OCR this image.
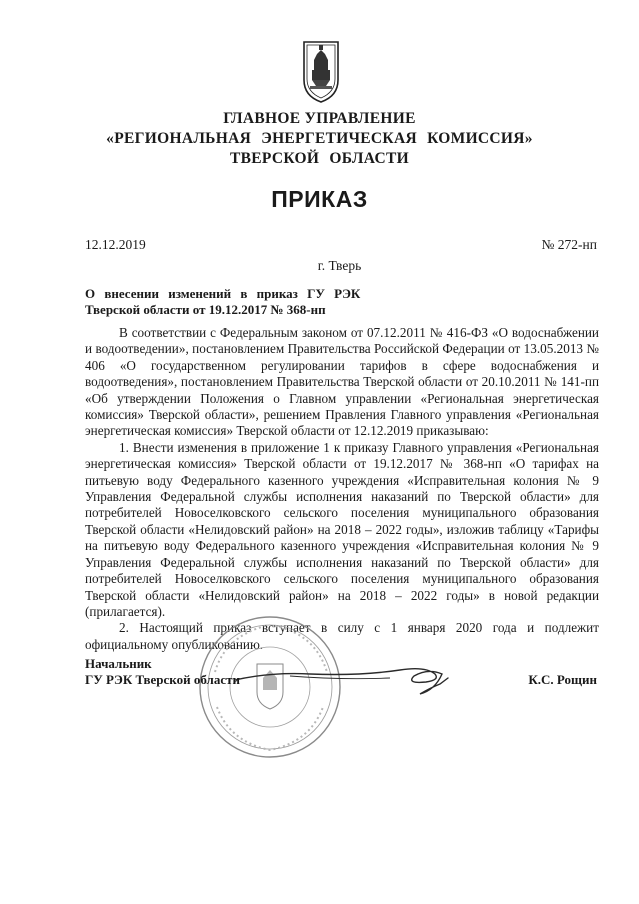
ГЛАВНОЕ УПРАВЛЕНИЕ
«РЕГИОНАЛЬНАЯ ЭНЕРГЕТИЧЕСКАЯ КОМИССИЯ»
ТВЕРСКОЙ ОБЛАСТИ
ПРИКАЗ
12.12.2019	№ 272-нп
г. Тверь
О внесении изменений в приказ ГУ РЭК
Тверской области от 19.12.2017 № 368-нп

В соответствии с Федеральным законом от 07.12.2011 № 416-ФЗ «О водоснабжении и водоотведении», постановлением Правительства Российской Федерации от 13.05.2013 № 406 «О государственном регулировании тарифов в сфере водоснабжения и водоотведения», постановлением Правительства Тверской области от 20.10.2011 № 141-пп «Об утверждении Положения о Главном управлении «Региональная энергетическая комиссия» Тверской области», решением Правления Главного управления «Региональная энергетическая комиссия» Тверской области от 12.12.2019 приказываю:

1. Внести изменения в приложение 1 к приказу Главного управления «Региональная энергетическая комиссия» Тверской области от 19.12.2017 № 368-нп «О тарифах на питьевую воду Федерального казенного учреждения «Исправительная колония № 9 Управления Федеральной службы исполнения наказаний по Тверской области» для потребителей Новоселковского сельского поселения муниципального образования Тверской области «Нелидовский район» на 2018 – 2022 годы», изложив таблицу «Тарифы на питьевую воду Федерального казенного учреждения «Исправительная колония № 9 Управления Федеральной службы исполнения наказаний по Тверской области» для потребителей Новоселковского сельского поселения муниципального образования Тверской области «Нелидовский район» на 2018 – 2022 годы» в новой редакции (прилагается).

2. Настоящий приказ вступает в силу с 1 января 2020 года и подлежит официальному опубликованию.

Начальник
ГУ РЭК Тверской области	К.С. Рощин
